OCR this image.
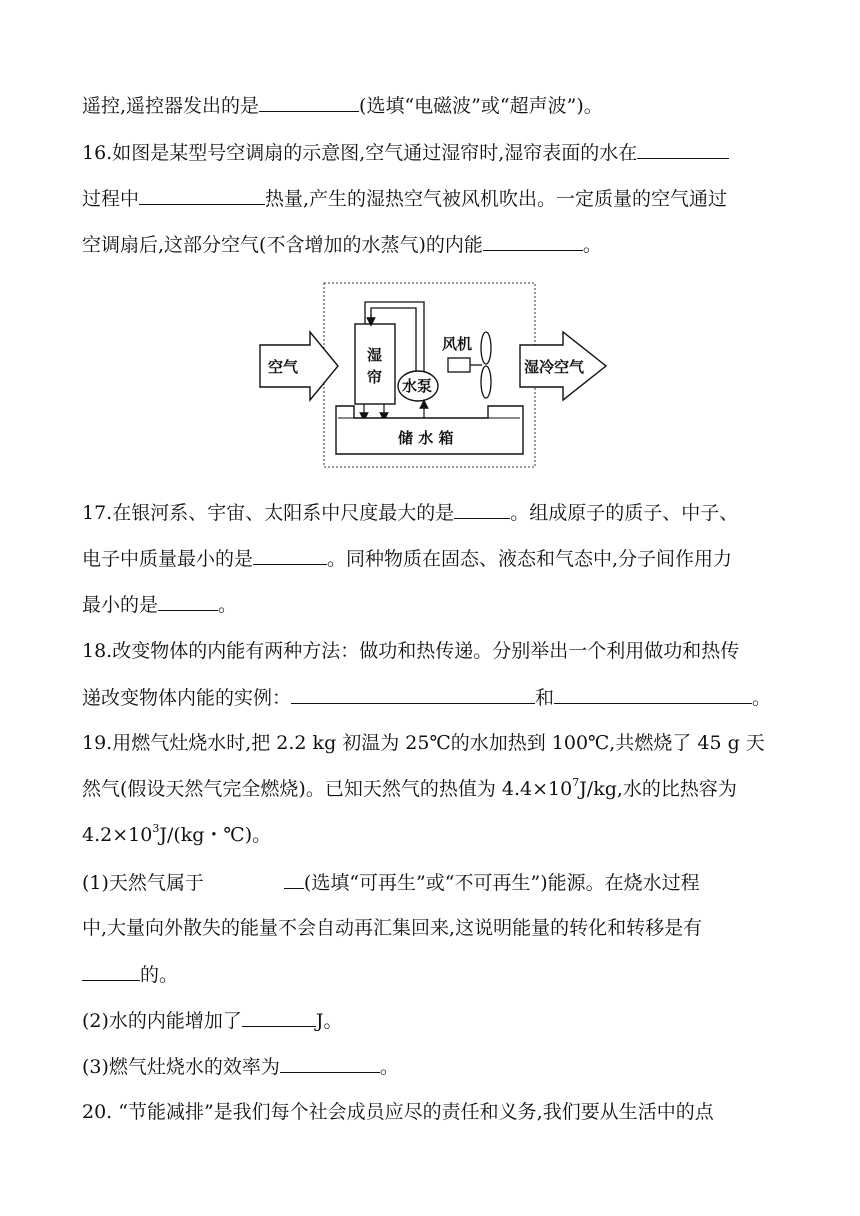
遥控,遥控器发出的是	(选填“电磁波”或“超声波”)。
16.如图是某型号空调扇的示意图,空气通过湿帘时,湿帘表面的水在
过程中	热量,产生的湿热空气被风机吹出。一定质量的空气通过
空调扇后,这部分空气(不含增加的水蒸气)的内能	。
空气
湿
帘 水泵
风机
湿冷空气
储 水 箱
17.在银河系、宇宙、太阳系中尺度最大的是	。组成原子的质子、中子、
电子中质量最小的是	。同种物质在固态、液态和气态中,分子间作用力
最小的是	。
18.改变物体的内能有两种方法：做功和热传递。分别举出一个利用做功和热传
递改变物体内能的实例：	和	。
19.用燃气灶烧水时,把 2.2 kg 初温为 25℃的水加热到 100℃,共燃烧了 45 g 天
然气(假设天然气完全燃烧)。已知天然气的热值为 $4.4\times 10^7J/kg$,水的比热容为
$4.2\times 10^3J/(kg$・℃)。
(1)天然气属于	(选填“可再生”或“不可再生”)能源。在烧水过程
中,大量向外散失的能量不会自动再汇集回来,这说明能量的转化和转移是有
的。
(2)水的内能增加了	J。
(3)燃气灶烧水的效率为	。
20. “节能减排”是我们每个社会成员应尽的责任和义务,我们要从生活中的点
